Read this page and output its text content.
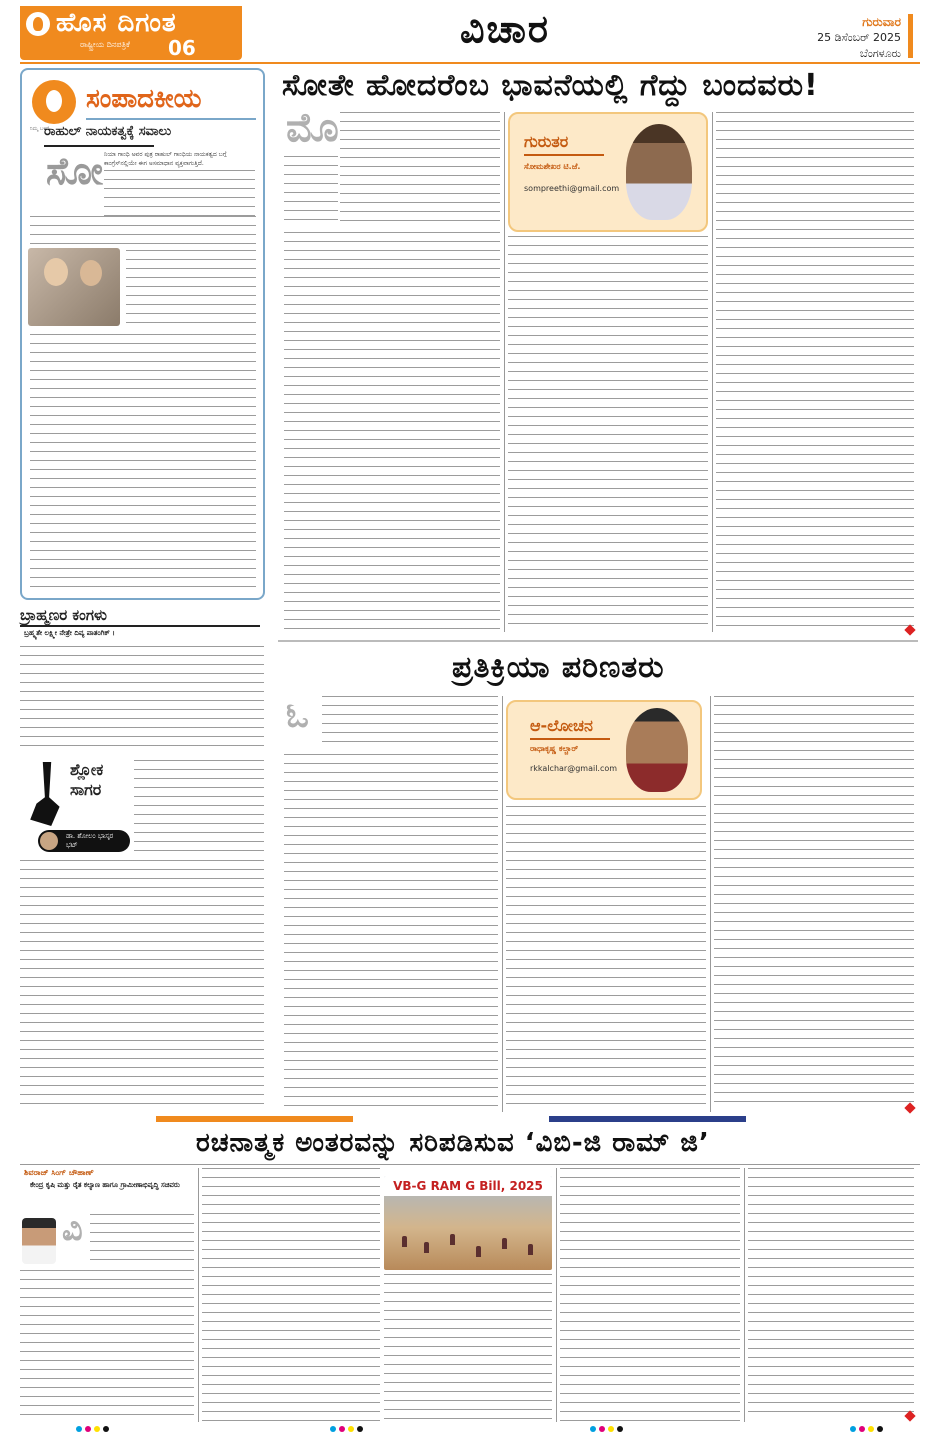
ಹೊಸ ದಿಗಂತ
ರಾಷ್ಟ್ರೀಯ ದಿನಪತ್ರಿಕೆ 06	ವಿಚಾರ	ಗುರುವಾರ
25 ಡಿಸೆಂಬರ್ 2025
ಬೆಂಗಳೂರು
ನಿಮ್ಮ ಬಳಿಗೆ
ಸಂಪಾದಕೀಯ
ರಾಹುಲ್ ನಾಯಕತ್ವಕ್ಕೆ ಸವಾಲು
ಸೋ ನಿಯಾ ಗಾಂಧಿ ಅವರ ಪುತ್ರ ರಾಹುಲ್ ಗಾಂಧಿಯ ನಾಯಕತ್ವದ ಬಗ್ಗೆ ಕಾಂಗ್ರೆಸ್‌ನಲ್ಲಿಯೇ ಈಗ ಅಸಮಾಧಾನ ವ್ಯಕ್ತವಾಗುತ್ತಿದೆ.
ಬ್ರಾಹ್ಮಣರ ಕಂಗಳು
ಬ್ರಹ್ಮ್ಯತೇ ಲಕ್ಷ್ಮೀ ನೇತ್ರೇ ದಿವ್ಯ ಪಾತಂಗಿಕ್ ।
ಶ್ಲೋಕ ಸಾಗರ
ಡಾ. ಶೋಲಂ ಭಾಸ್ಕರ ಭಟ್
ಸೋತೇ ಹೋದರೆಂಬ ಭಾವನೆಯಲ್ಲಿ ಗೆದ್ದು ಬಂದವರು!
ಮೊ	ಗುರುತರ
ಸೋಮಶೇಖರ ಟಿ.ಜೆ.
sompreethi@gmail.com
ಪ್ರತಿಕ್ರಿಯಾ ಪರಿಣತರು
ಓ	ಆ-ಲೋಚನ
ರಾಧಾಕೃಷ್ಣ ಕಲ್ಚಾರ್
rkkalchar@gmail.com
ರಚನಾತ್ಮಕ ಅಂತರವನ್ನು ಸರಿಪಡಿಸುವ ‘ವಿಬಿ-ಜಿ ರಾಮ್ ಜಿ’
ಶಿವರಾಜ್ ಸಿಂಗ್ ಚೌಹಾಣ್
ಕೇಂದ್ರ ಕೃಷಿ ಮತ್ತು ರೈತ ಕಲ್ಯಾಣ ಹಾಗೂ ಗ್ರಾಮೀಣಾಭಿವೃದ್ಧಿ ಸಚಿವರು
ವಿ
VB-G RAM G Bill, 2025
